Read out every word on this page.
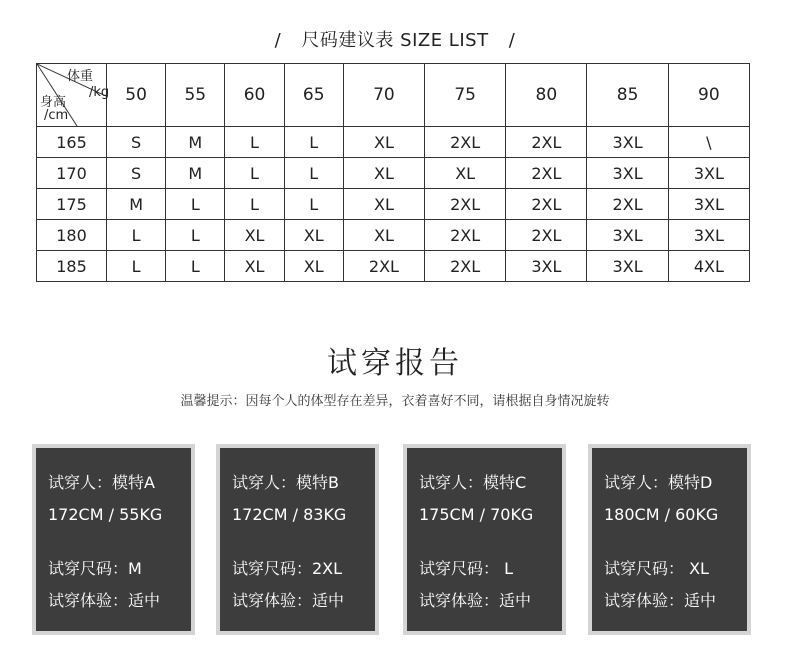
/ 尺码建议表 SIZE LIST /
体重
/kg
身高
/cm	50	55	60	65	70	75	80	85	90
165	S	M	L	L	XL	2XL	2XL	3XL	\
170	S	M	L	L	XL	XL	2XL	3XL	3XL
175	M	L	L	L	XL	2XL	2XL	2XL	3XL
180	L	L	XL	XL	XL	2XL	2XL	3XL	3XL
185	L	L	XL	XL	2XL	2XL	3XL	3XL	4XL
试穿报告
温馨提示：因每个人的体型存在差异，衣着喜好不同，请根据自身情况旋转
试穿人：模特A
172CM / 55KG
试穿尺码：M
试穿体验：适中
试穿人：模特B
172CM / 83KG
试穿尺码：2XL
试穿体验：适中
试穿人：模特C
175CM / 70KG
试穿尺码： L
试穿体验：适中
试穿人：模特D
180CM / 60KG
试穿尺码： XL
试穿体验：适中
